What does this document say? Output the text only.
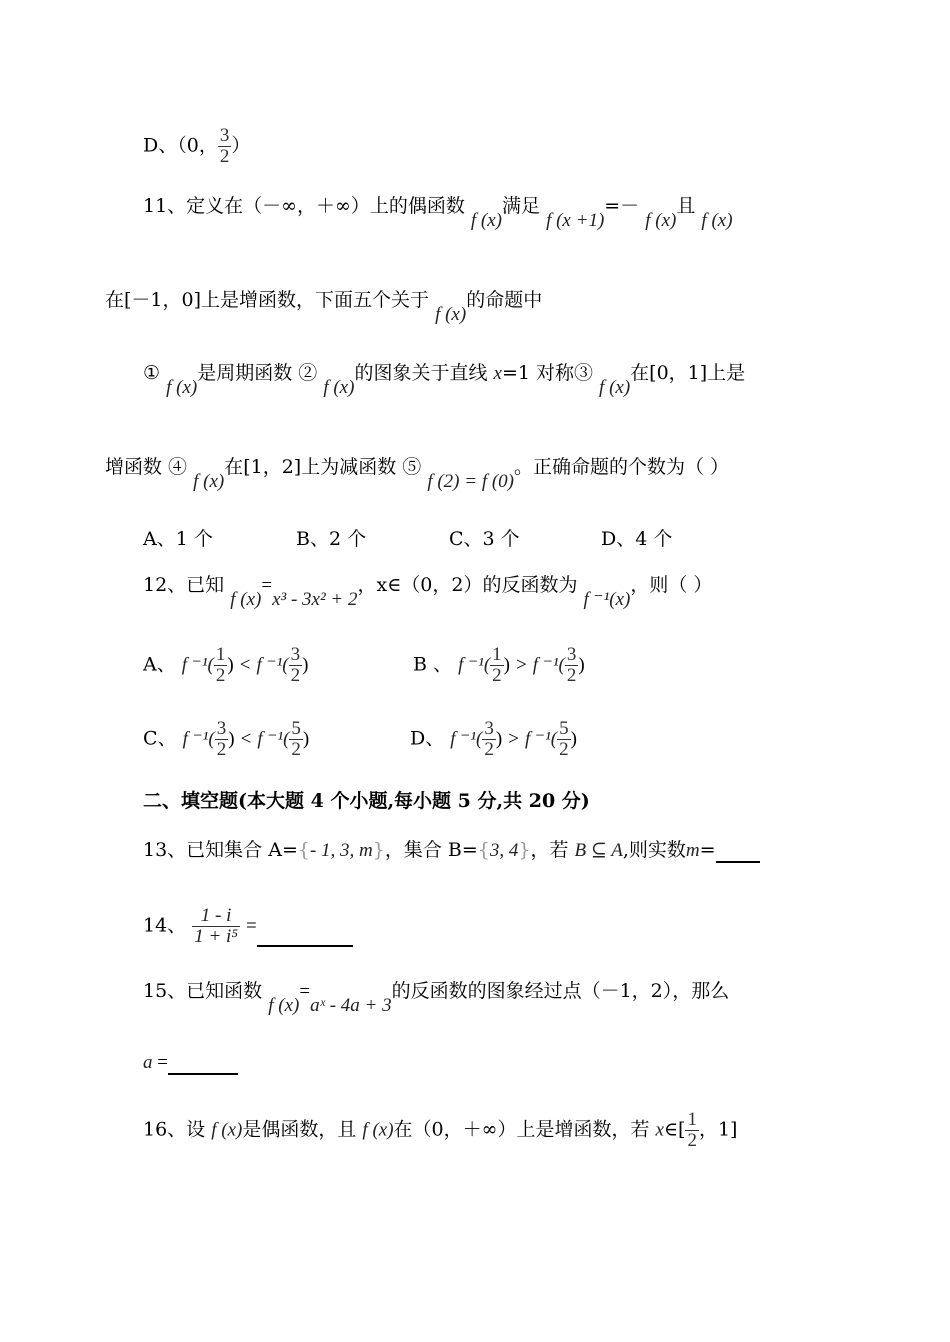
D、（0， $\frac{3}{2}$ ）
11、定义在（－∞，＋∞）上的偶函数 f (x)满足 f (x +1)=－ f (x)且 f (x)
在[－1，0]上是增函数，下面五个关于 f (x)的命题中
① f (x)是周期函数 ② f (x)的图象关于直线 x=1 对称③ f (x)在[0，1]上是
增函数 ④ f (x)在[1，2]上为减函数 ⑤ f (2) = f (0)。正确命题的个数为（ ）
A、1 个	B、2 个	C、3 个	D、4 个
12、已知 f (x)=x³ - 3x² + 2，x∈（0，2）的反函数为 f ⁻¹(x)，则（ ）
A、 f $^{-1}( \frac{1}{2}$ ) < f $^{-1}( \frac{3}{2}$ )	B 、 f $^{-1}( \frac{1}{2}$ ) > f $^{-1}( \frac{3}{2}$ )
C、 f $^{-1}( \frac{3}{2}$ ) < f $^{-1}( \frac{5}{2}$ )	D、 f $^{-1}( \frac{3}{2}$ ) > f $^{-1}( \frac{5}{2}$ )
二、填空题(本大题 4 个小题,每小题 5 分,共 20 分)
13、已知集合 A={- 1, 3, m}，集合 B={3, 4}，若 B ⊆ A,则实数m=
14、 $\frac{1 - i}{\text{1 + i⁵}}$ =
15、已知函数 f (x)=aˣ - 4a + 3的反函数的图象经过点（－1，2），那么
a =
16、设 f (x)是偶函数，且 f (x)在（0，＋∞）上是增函数，若 x∈[ $\frac{1}{2}$ ，1]
